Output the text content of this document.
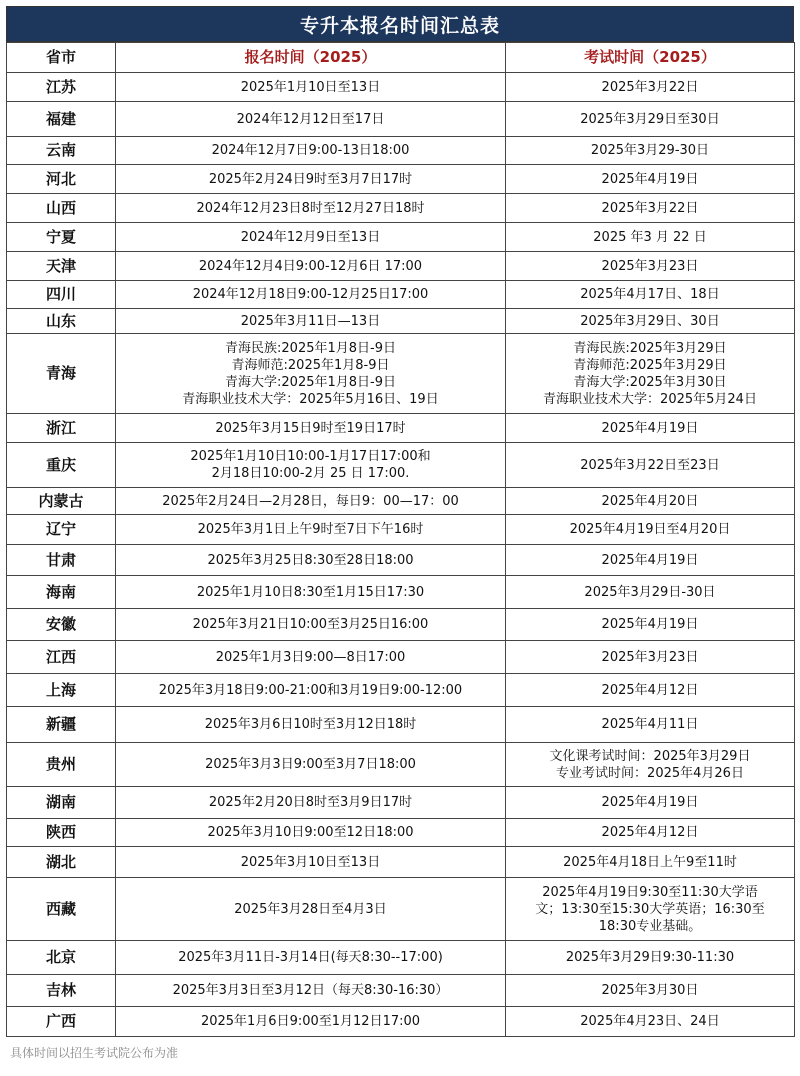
专升本报名时间汇总表
省市	报名时间（2025）	考试时间（2025）
江苏	2025年1月10日至13日	2025年3月22日
福建	2024年12月12日至17日	2025年3月29日至30日
云南	2024年12月7日9:00-13日18:00	2025年3月29-30日
河北	2025年2月24日9时至3月7日17时	2025年4月19日
山西	2024年12月23日8时至12月27日18时	2025年3月22日
宁夏	2024年12月9日至13日	2025 年3 月 22 日
天津	2024年12月4日9:00-12月6日 17:00	2025年3月23日
四川	2024年12月18日9:00-12月25日17:00	2025年4月17日、18日
山东	2025年3月11日—13日	2025年3月29日、30日
青海	青海民族:2025年1月8日-9日
青海师范:2025年1月8-9日
青海大学:2025年1月8日-9日
青海职业技术大学：2025年5月16日、19日	青海民族:2025年3月29日
青海师范:2025年3月29日
青海大学:2025年3月30日
青海职业技术大学：2025年5月24日
浙江	2025年3月15日9时至19日17时	2025年4月19日
重庆	2025年1月10日10:00-1月17日17:00和
2月18日10:00-2月 25 日 17:00.	2025年3月22日至23日
内蒙古	2025年2月24日—2月28日，每日9：00—17：00	2025年4月20日
辽宁	2025年3月1日上午9时至7日下午16时	2025年4月19日至4月20日
甘肃	2025年3月25日8:30至28日18:00	2025年4月19日
海南	2025年1月10日8:30至1月15日17:30	2025年3月29日-30日
安徽	2025年3月21日10:00至3月25日16:00	2025年4月19日
江西	2025年1月3日9:00—8日17:00	2025年3月23日
上海	2025年3月18日9:00-21:00和3月19日9:00-12:00	2025年4月12日
新疆	2025年3月6日10时至3月12日18时	2025年4月11日
贵州	2025年3月3日9:00至3月7日18:00	文化课考试时间：2025年3月29日
专业考试时间：2025年4月26日
湖南	2025年2月20日8时至3月9日17时	2025年4月19日
陕西	2025年3月10日9:00至12日18:00	2025年4月12日
湖北	2025年3月10日至13日	2025年4月18日上午9至11时
西藏	2025年3月28日至4月3日	2025年4月19日9:30至11:30大学语
文；13:30至15:30大学英语；16:30至
18:30专业基础。
北京	2025年3月11日-3月14日(每天8:30--17:00)	2025年3月29日9:30-11:30
吉林	2025年3月3日至3月12日（每天8:30-16:30）	2025年3月30日
广西	2025年1月6日9:00至1月12日17:00	2025年4月23日、24日
具体时间以招生考试院公布为准
